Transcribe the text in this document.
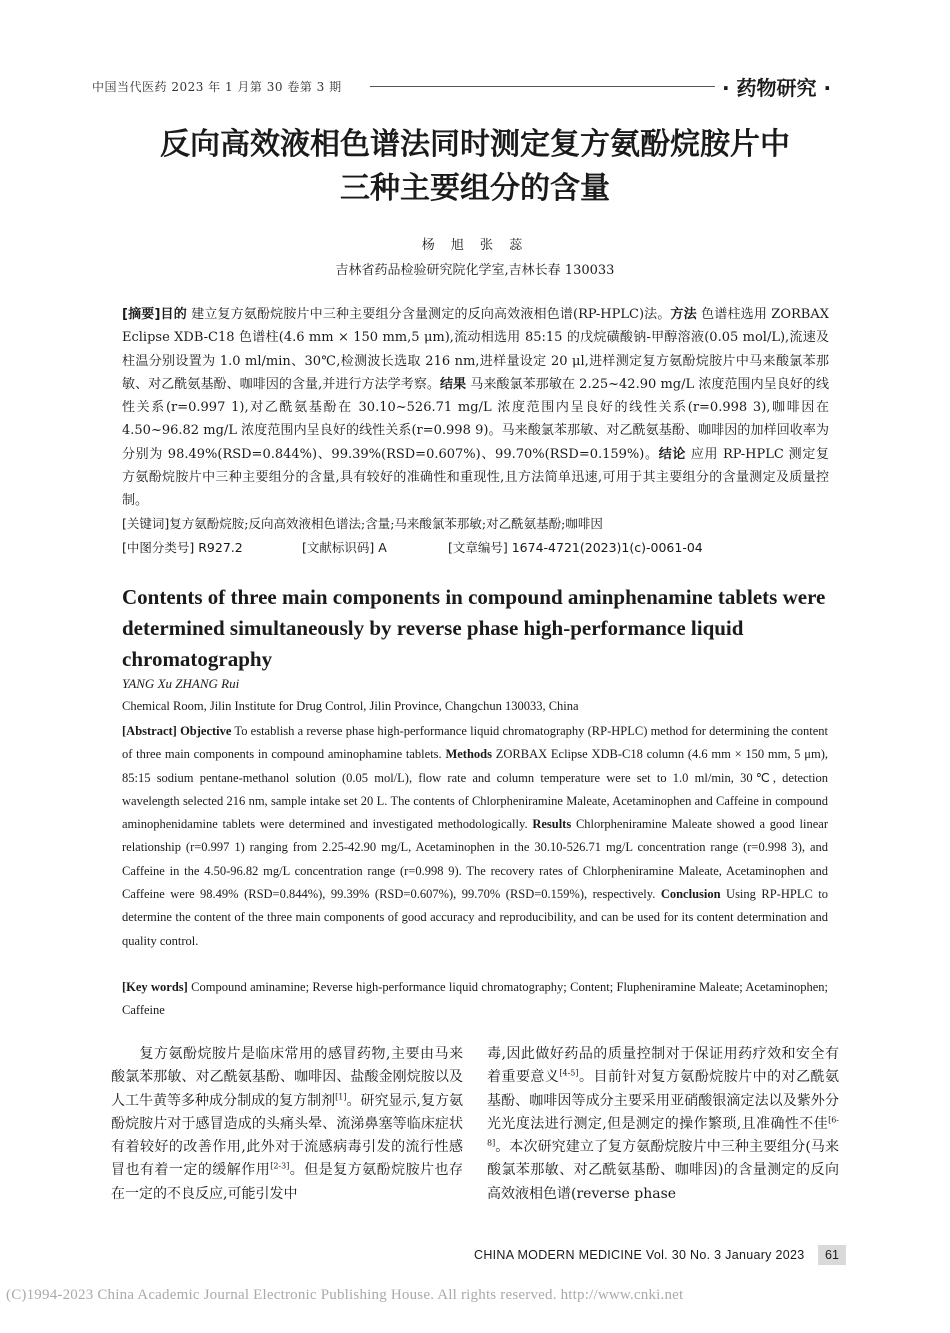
中国当代医药 2023 年 1 月第 30 卷第 3 期	· 药物研究 ·
反向高效液相色谱法同时测定复方氨酚烷胺片中
三种主要组分的含量
杨 旭 张 蕊
吉林省药品检验研究院化学室,吉林长春 130033
[摘要]目的 建立复方氨酚烷胺片中三种主要组分含量测定的反向高效液相色谱(RP-HPLC)法。方法 色谱柱选用 ZORBAX Eclipse XDB-C18 色谱柱(4.6 mm × 150 mm,5 μm),流动相选用 85:15 的戊烷磺酸钠-甲醇溶液(0.05 mol/L),流速及柱温分别设置为 1.0 ml/min、30℃,检测波长选取 216 nm,进样量设定 20 μl,进样测定复方氨酚烷胺片中马来酸氯苯那敏、对乙酰氨基酚、咖啡因的含量,并进行方法学考察。结果 马来酸氯苯那敏在 2.25~42.90 mg/L 浓度范围内呈良好的线性关系(r=0.997 1),对乙酰氨基酚在 30.10~526.71 mg/L 浓度范围内呈良好的线性关系(r=0.998 3),咖啡因在 4.50~96.82 mg/L 浓度范围内呈良好的线性关系(r=0.998 9)。马来酸氯苯那敏、对乙酰氨基酚、咖啡因的加样回收率为分别为 98.49%(RSD=0.844%)、99.39%(RSD=0.607%)、99.70%(RSD=0.159%)。结论 应用 RP-HPLC 测定复方氨酚烷胺片中三种主要组分的含量,具有较好的准确性和重现性,且方法简单迅速,可用于其主要组分的含量测定及质量控制。
[关键词]复方氨酚烷胺;反向高效液相色谱法;含量;马来酸氯苯那敏;对乙酰氨基酚;咖啡因
[中图分类号] R927.2	[文献标识码] A	[文章编号] 1674-4721(2023)1(c)-0061-04
Contents of three main components in compound aminphenamine tablets were determined simultaneously by reverse phase high-performance liquid chromatography
YANG Xu ZHANG Rui
Chemical Room, Jilin Institute for Drug Control, Jilin Province, Changchun 130033, China
[Abstract] Objective To establish a reverse phase high-performance liquid chromatography (RP-HPLC) method for determining the content of three main components in compound aminophamine tablets. Methods ZORBAX Eclipse XDB-C18 column (4.6 mm × 150 mm, 5 μm), 85:15 sodium pentane-methanol solution (0.05 mol/L), flow rate and column temperature were set to 1.0 ml/min, 30℃, detection wavelength selected 216 nm, sample intake set 20 L. The contents of Chlorpheniramine Maleate, Acetaminophen and Caffeine in compound aminophenidamine tablets were determined and investigated methodologically. Results Chlorpheniramine Maleate showed a good linear relationship (r=0.997 1) ranging from 2.25-42.90 mg/L, Acetaminophen in the 30.10-526.71 mg/L concentration range (r=0.998 3), and Caffeine in the 4.50-96.82 mg/L concentration range (r=0.998 9). The recovery rates of Chlorpheniramine Maleate, Acetaminophen and Caffeine were 98.49% (RSD=0.844%), 99.39% (RSD=0.607%), 99.70% (RSD=0.159%), respectively. Conclusion Using RP-HPLC to determine the content of the three main components of good accuracy and reproducibility, and can be used for its content determination and quality control.
[Key words] Compound aminamine; Reverse high-performance liquid chromatography; Content; Flupheniramine Maleate; Acetaminophen; Caffeine
复方氨酚烷胺片是临床常用的感冒药物,主要由马来酸氯苯那敏、对乙酰氨基酚、咖啡因、盐酸金刚烷胺以及人工牛黄等多种成分制成的复方制剂[1]。研究显示,复方氨酚烷胺片对于感冒造成的头痛头晕、流涕鼻塞等临床症状有着较好的改善作用,此外对于流感病毒引发的流行性感冒也有着一定的缓解作用[2-3]。但是复方氨酚烷胺片也存在一定的不良反应,可能引发中
毒,因此做好药品的质量控制对于保证用药疗效和安全有着重要意义[4-5]。目前针对复方氨酚烷胺片中的对乙酰氨基酚、咖啡因等成分主要采用亚硝酸银滴定法以及紫外分光光度法进行测定,但是测定的操作繁琐,且准确性不佳[6-8]。本次研究建立了复方氨酚烷胺片中三种主要组分(马来酸氯苯那敏、对乙酰氨基酚、咖啡因)的含量测定的反向高效液相色谱(reverse phase
CHINA MODERN MEDICINE Vol. 30 No. 3 January 2023	61
(C)1994-2023 China Academic Journal Electronic Publishing House. All rights reserved. http://www.cnki.net
